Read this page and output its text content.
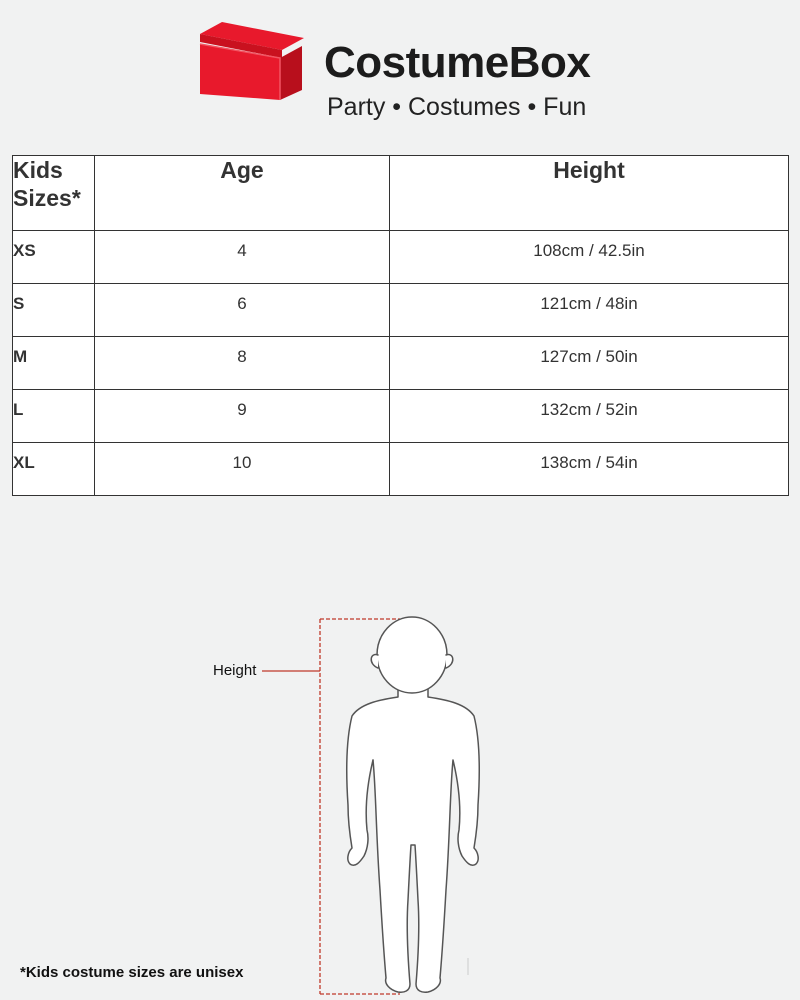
CostumeBox
Party • Costumes • Fun
Kids Sizes*	Age	Height
XS	4	108cm / 42.5in
S	6	121cm / 48in
M	8	127cm / 50in
L	9	132cm / 52in
XL	10	138cm / 54in
Height
*Kids costume sizes are unisex
